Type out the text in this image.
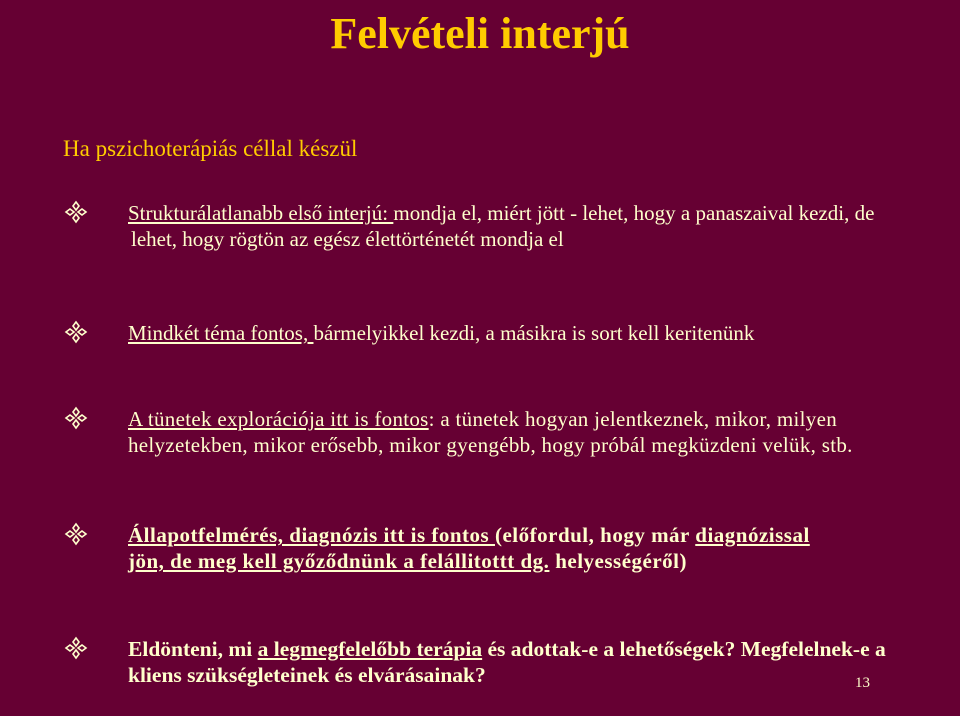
Felvételi interjú
Ha pszichoterápiás céllal készül
Strukturálatlanabb első interjú: mondja el, miért jött - lehet, hogy a panaszaival kezdi, de
lehet, hogy rögtön az egész élettörténetét mondja el
Mindkét téma fontos, bármelyikkel kezdi, a másikra is sort kell keritenünk
A tünetek explorációja itt is fontos: a tünetek hogyan jelentkeznek, mikor, milyen helyzetekben, mikor erősebb, mikor gyengébb, hogy próbál megküzdeni velük, stb.
Állapotfelmérés, diagnózis itt is fontos (előfordul, hogy már diagnózissal jön, de meg kell győződnünk a felállitottt dg. helyességéről)
Eldönteni, mi a legmegfelelőbb terápia és adottak-e a lehetőségek? Megfelelnek-e a kliens szükségleteinek és elvárásainak?	13
